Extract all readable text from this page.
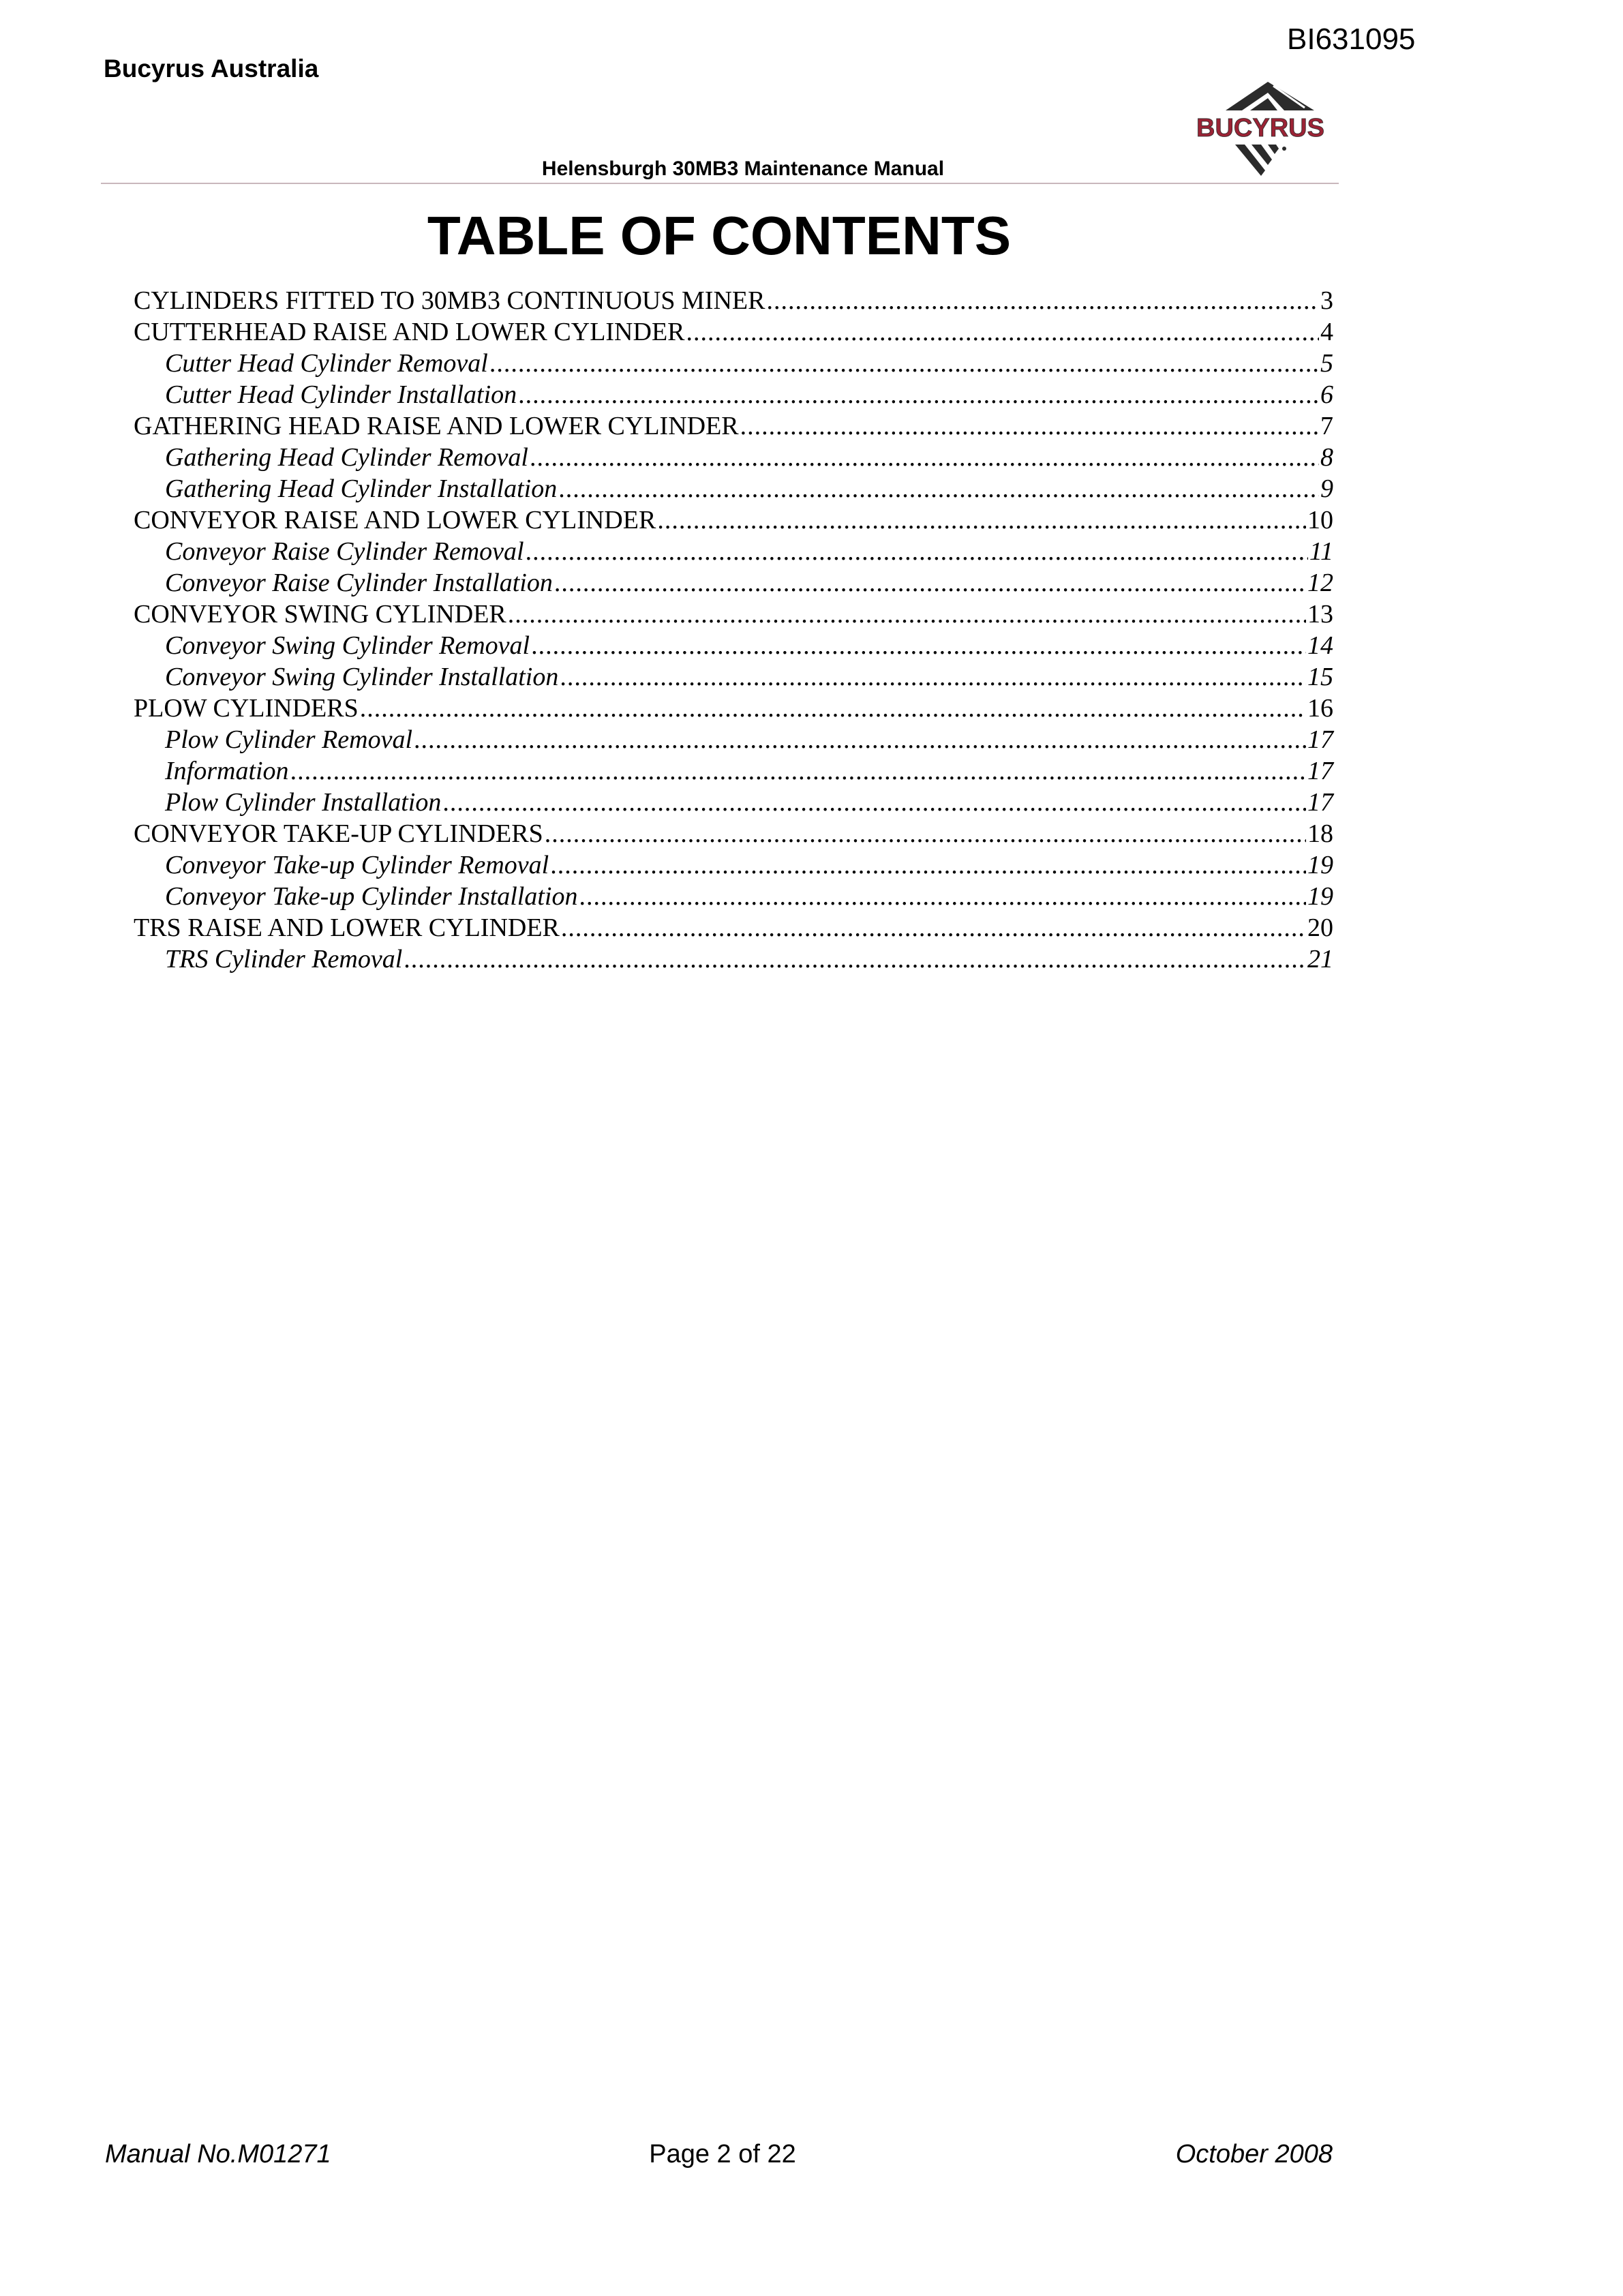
BI631095
Bucyrus Australia
BUCYRUS
Helensburgh 30MB3 Maintenance Manual
TABLE OF CONTENTS
CYLINDERS FITTED TO 30MB3 CONTINUOUS MINER .....	3
CUTTERHEAD RAISE AND LOWER CYLINDER .....	4
Cutter Head Cylinder Removal .....	5
Cutter Head Cylinder Installation .....	6
GATHERING HEAD RAISE AND LOWER CYLINDER .....	7
Gathering Head Cylinder Removal .....	8
Gathering Head Cylinder Installation .....	9
CONVEYOR RAISE AND LOWER CYLINDER .....	10
Conveyor Raise Cylinder Removal .....	11
Conveyor Raise Cylinder Installation .....	12
CONVEYOR SWING CYLINDER .....	13
Conveyor Swing Cylinder Removal .....	14
Conveyor Swing Cylinder Installation .....	15
PLOW CYLINDERS .....	16
Plow Cylinder Removal .....	17
Information .....	17
Plow Cylinder Installation .....	17
CONVEYOR TAKE-UP CYLINDERS .....	18
Conveyor Take-up Cylinder Removal .....	19
Conveyor Take-up Cylinder Installation .....	19
TRS RAISE AND LOWER CYLINDER .....	20
TRS Cylinder Removal .....	21
Manual No.M01271	Page 2 of 22	October 2008
